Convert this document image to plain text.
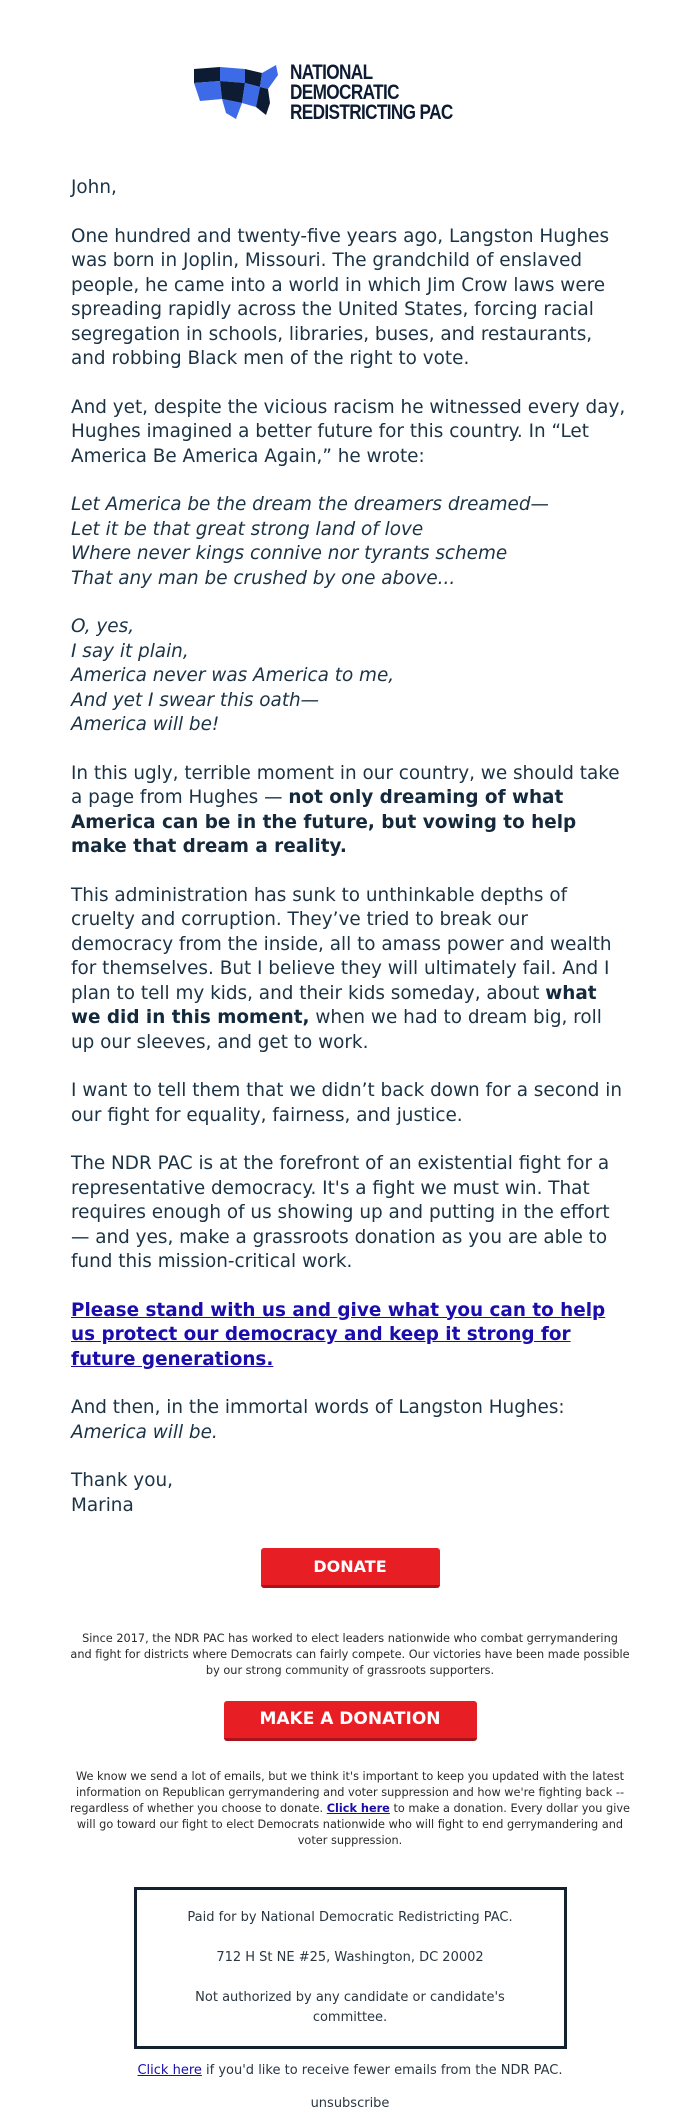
NATIONAL DEMOCRATIC
REDISTRICTING PAC

John,

One hundred and twenty-five years ago, Langston Hughes was born in Joplin, Missouri. The grandchild of enslaved people, he came into a world in which Jim Crow laws were spreading rapidly across the United States, forcing racial segregation in schools, libraries, buses, and restaurants, and robbing Black men of the right to vote.

And yet, despite the vicious racism he witnessed every day, Hughes imagined a better future for this country. In “Let America Be America Again,” he wrote:

Let America be the dream the dreamers dreamed—
Let it be that great strong land of love
Where never kings connive nor tyrants scheme
That any man be crushed by one above...

O, yes,
I say it plain,
America never was America to me,
And yet I swear this oath—
America will be!

In this ugly, terrible moment in our country, we should take a page from Hughes — not only dreaming of what America can be in the future, but vowing to help make that dream a reality.

This administration has sunk to unthinkable depths of cruelty and corruption. They’ve tried to break our democracy from the inside, all to amass power and wealth for themselves. But I believe they will ultimately fail. And I plan to tell my kids, and their kids someday, about what we did in this moment, when we had to dream big, roll up our sleeves, and get to work.

I want to tell them that we didn’t back down for a second in our fight for equality, fairness, and justice.

The NDR PAC is at the forefront of an existential fight for a representative democracy. It's a fight we must win. That requires enough of us showing up and putting in the effort — and yes, make a grassroots donation as you are able to fund this mission-critical work.

Please stand with us and give what you can to help us protect our democracy and keep it strong for future generations.

And then, in the immortal words of Langston Hughes:
America will be.

Thank you,
Marina

DONATE

Since 2017, the NDR PAC has worked to elect leaders nationwide who combat gerrymandering and fight for districts where Democrats can fairly compete. Our victories have been made possible by our strong community of grassroots supporters.

MAKE A DONATION

We know we send a lot of emails, but we think it's important to keep you updated with the latest information on Republican gerrymandering and voter suppression and how we're fighting back -- regardless of whether you choose to donate. Click here to make a donation. Every dollar you give will go toward our fight to elect Democrats nationwide who will fight to end gerrymandering and voter suppression.

Paid for by National Democratic Redistricting PAC.

712 H St NE #25, Washington, DC 20002

Not authorized by any candidate or candidate's committee.

Click here if you'd like to receive fewer emails from the NDR PAC.

unsubscribe
